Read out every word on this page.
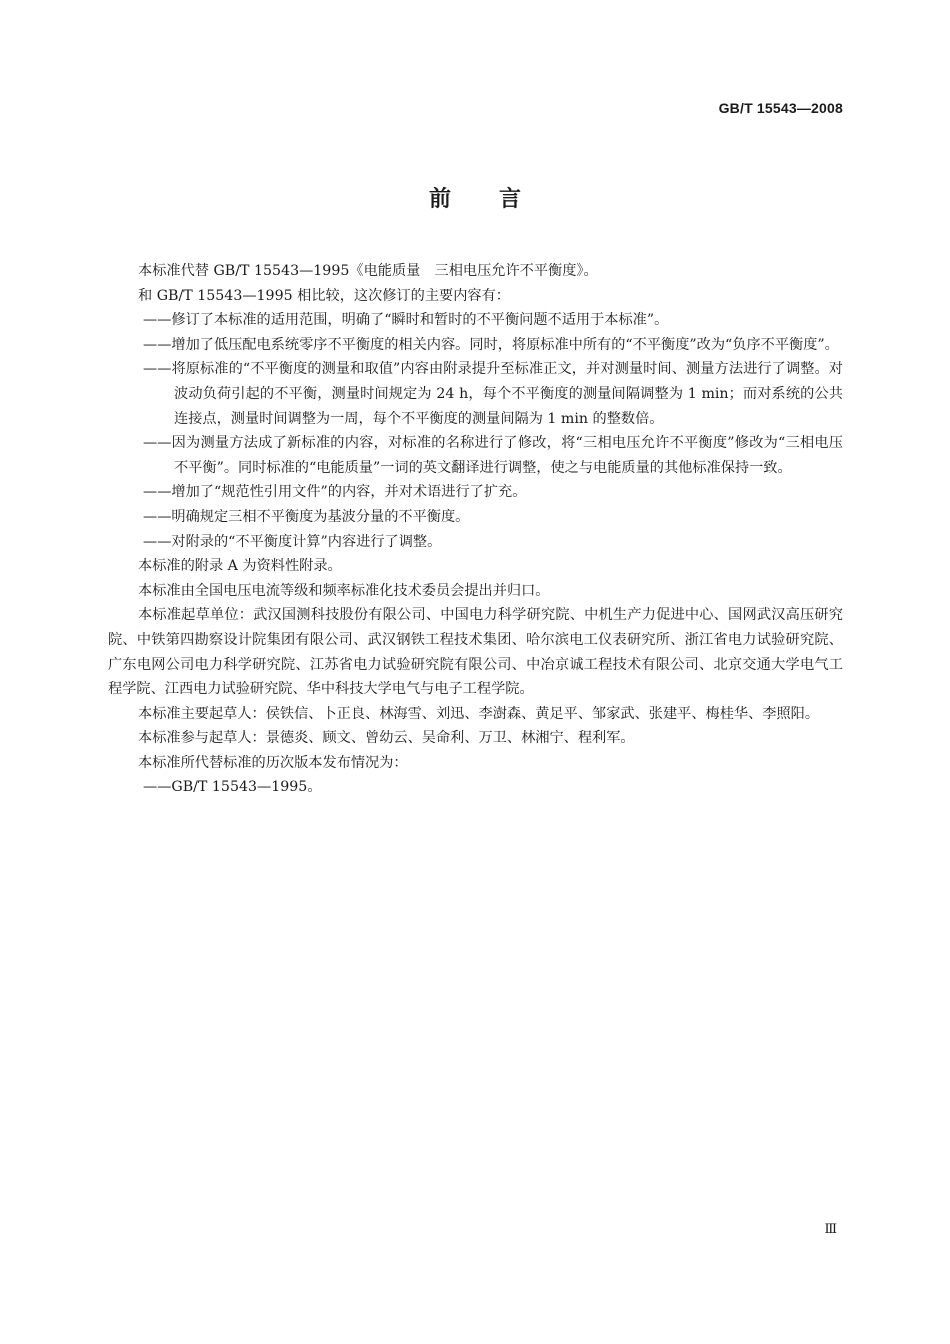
GB/T 15543—2008
前言

本标准代替 GB/T 15543—1995《电能质量　三相电压允许不平衡度》。

和 GB/T 15543—1995 相比较，这次修订的主要内容有：

——修订了本标准的适用范围，明确了“瞬时和暂时的不平衡问题不适用于本标准”。

——增加了低压配电系统零序不平衡度的相关内容。同时，将原标准中所有的“不平衡度”改为“负序不平衡度”。

——将原标准的“不平衡度的测量和取值”内容由附录提升至标准正文，并对测量时间、测量方法进行了调整。对波动负荷引起的不平衡，测量时间规定为 24 h，每个不平衡度的测量间隔调整为 1 min；而对系统的公共连接点，测量时间调整为一周，每个不平衡度的测量间隔为 1 min 的整数倍。

——因为测量方法成了新标准的内容，对标准的名称进行了修改，将“三相电压允许不平衡度”修改为“三相电压不平衡”。同时标准的“电能质量”一词的英文翻译进行调整，使之与电能质量的其他标准保持一致。

——增加了“规范性引用文件”的内容，并对术语进行了扩充。

——明确规定三相不平衡度为基波分量的不平衡度。

——对附录的“不平衡度计算”内容进行了调整。

本标准的附录 A 为资料性附录。

本标准由全国电压电流等级和频率标准化技术委员会提出并归口。

本标准起草单位：武汉国测科技股份有限公司、中国电力科学研究院、中机生产力促进中心、国网武汉高压研究院、中铁第四勘察设计院集团有限公司、武汉钢铁工程技术集团、哈尔滨电工仪表研究所、浙江省电力试验研究院、广东电网公司电力科学研究院、江苏省电力试验研究院有限公司、中冶京诚工程技术有限公司、北京交通大学电气工程学院、江西电力试验研究院、华中科技大学电气与电子工程学院。

本标准主要起草人：侯铁信、卜正良、林海雪、刘迅、李澍森、黄足平、邹家武、张建平、梅桂华、李照阳。

本标准参与起草人：景德炎、顾文、曾幼云、吴命利、万卫、林湘宁、程利军。

本标准所代替标准的历次版本发布情况为：

——GB/T 15543—1995。

Ⅲ
